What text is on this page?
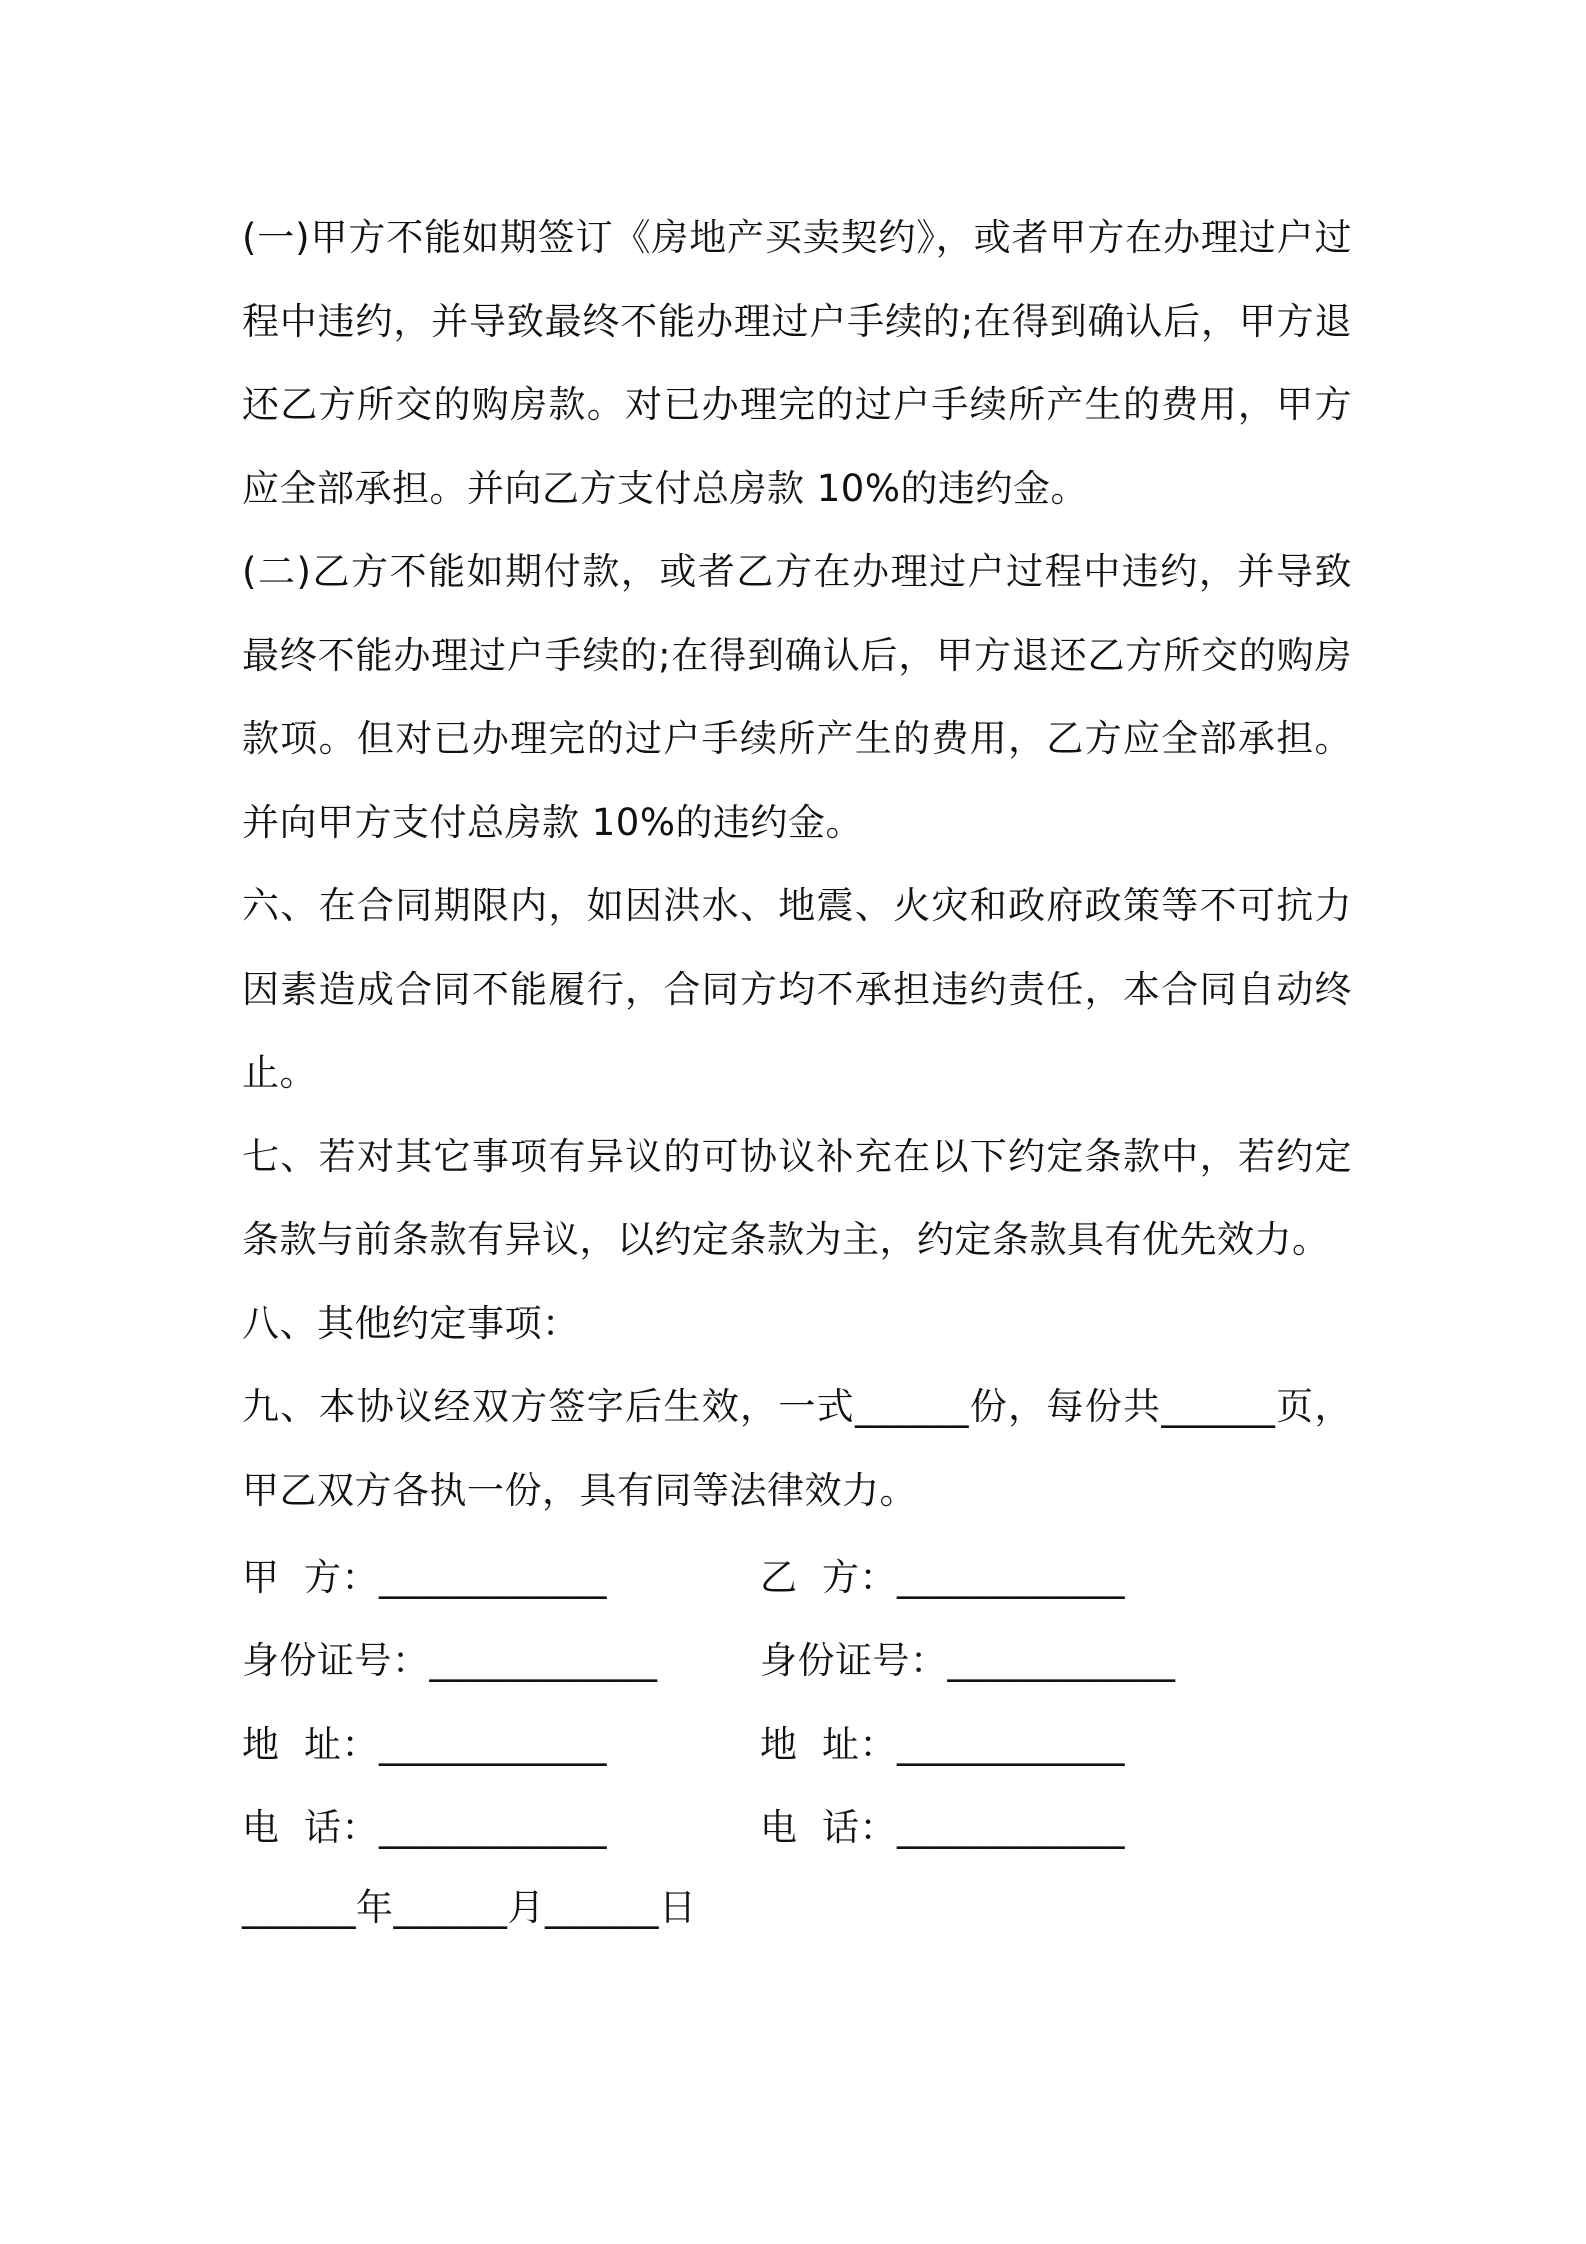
(一)甲方不能如期签订《房地产买卖契约》，或者甲方在办理过户过程中违约，并导致最终不能办理过户手续的;在得到确认后，甲方退还乙方所交的购房款。对已办理完的过户手续所产生的费用，甲方应全部承担。并向乙方支付总房款 10%的违约金。

(二)乙方不能如期付款，或者乙方在办理过户过程中违约，并导致最终不能办理过户手续的;在得到确认后，甲方退还乙方所交的购房款项。但对已办理完的过户手续所产生的费用，乙方应全部承担。并向甲方支付总房款 10%的违约金。

六、在合同期限内，如因洪水、地震、火灾和政府政策等不可抗力因素造成合同不能履行，合同方均不承担违约责任，本合同自动终止。

七、若对其它事项有异议的可协议补充在以下约定条款中，若约定条款与前条款有异议，以约定条款为主，约定条款具有优先效力。

八、其他约定事项：

九、本协议经双方签字后生效，一式______份，每份共______页，甲乙双方各执一份，具有同等法律效力。

甲  方：____________	乙  方：____________
身份证号：____________	身份证号：____________
地  址：____________	地  址：____________
电  话：____________	电  话：____________
______年______月______日
